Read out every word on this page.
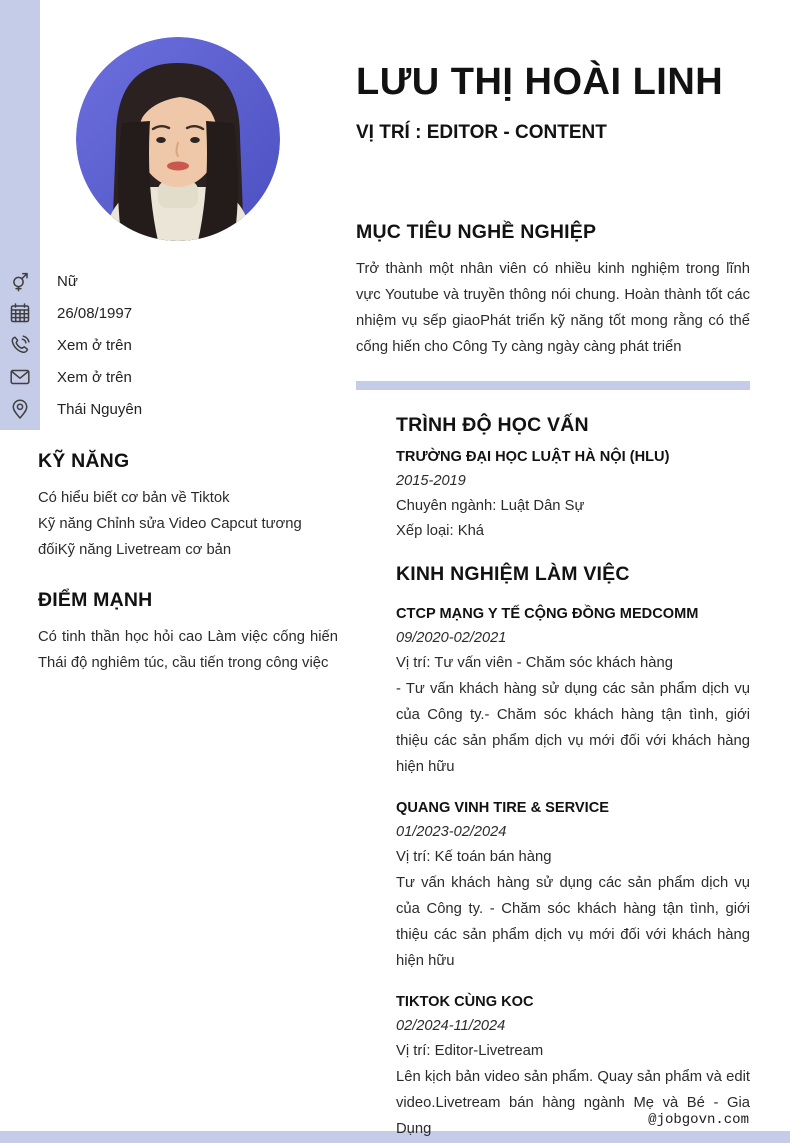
Nữ
26/08/1997
Xem ở trên
Xem ở trên
Thái Nguyên
KỸ NĂNG
Có hiểu biết cơ bản về Tiktok
Kỹ năng Chỉnh sửa Video Capcut tương đốiKỹ năng Livetream cơ bản
ĐIỂM MẠNH
Có tinh thần học hỏi cao Làm việc cống hiến Thái độ nghiêm túc, cầu tiến trong công việc
LƯU THỊ HOÀI LINH
VỊ TRÍ : EDITOR - CONTENT
MỤC TIÊU NGHỀ NGHIỆP

Trở thành một nhân viên có nhiều kinh nghiệm trong lĩnh vực Youtube và truyền thông nói chung. Hoàn thành tốt các nhiệm vụ sếp giaoPhát triển kỹ năng tốt mong rằng có thể cống hiến cho Công Ty càng ngày càng phát triển

TRÌNH ĐỘ HỌC VẤN
TRƯỜNG ĐẠI HỌC LUẬT HÀ NỘI (HLU)
2015-2019
Chuyên ngành: Luật Dân Sự
Xếp loại: Khá
KINH NGHIỆM LÀM VIỆC
CTCP MẠNG Y TẾ CỘNG ĐỒNG MEDCOMM
09/2020-02/2021
Vị trí: Tư vấn viên - Chăm sóc khách hàng
- Tư vấn khách hàng sử dụng các sản phẩm dịch vụ của Công ty.- Chăm sóc khách hàng tận tình, giới thiệu các sản phẩm dịch vụ mới đối với khách hàng hiện hữu
QUANG VINH TIRE & SERVICE
01/2023-02/2024
Vị trí: Kế toán bán hàng
Tư vấn khách hàng sử dụng các sản phẩm dịch vụ của Công ty. - Chăm sóc khách hàng tận tình, giới thiệu các sản phẩm dịch vụ mới đối với khách hàng hiện hữu
TIKTOK CÙNG KOC
02/2024-11/2024
Vị trí: Editor-Livetream
Lên kịch bản video sản phẩm. Quay sản phẩm và edit video.Livetream bán hàng ngành Mẹ và Bé - Gia Dụng
@jobgovn.com
